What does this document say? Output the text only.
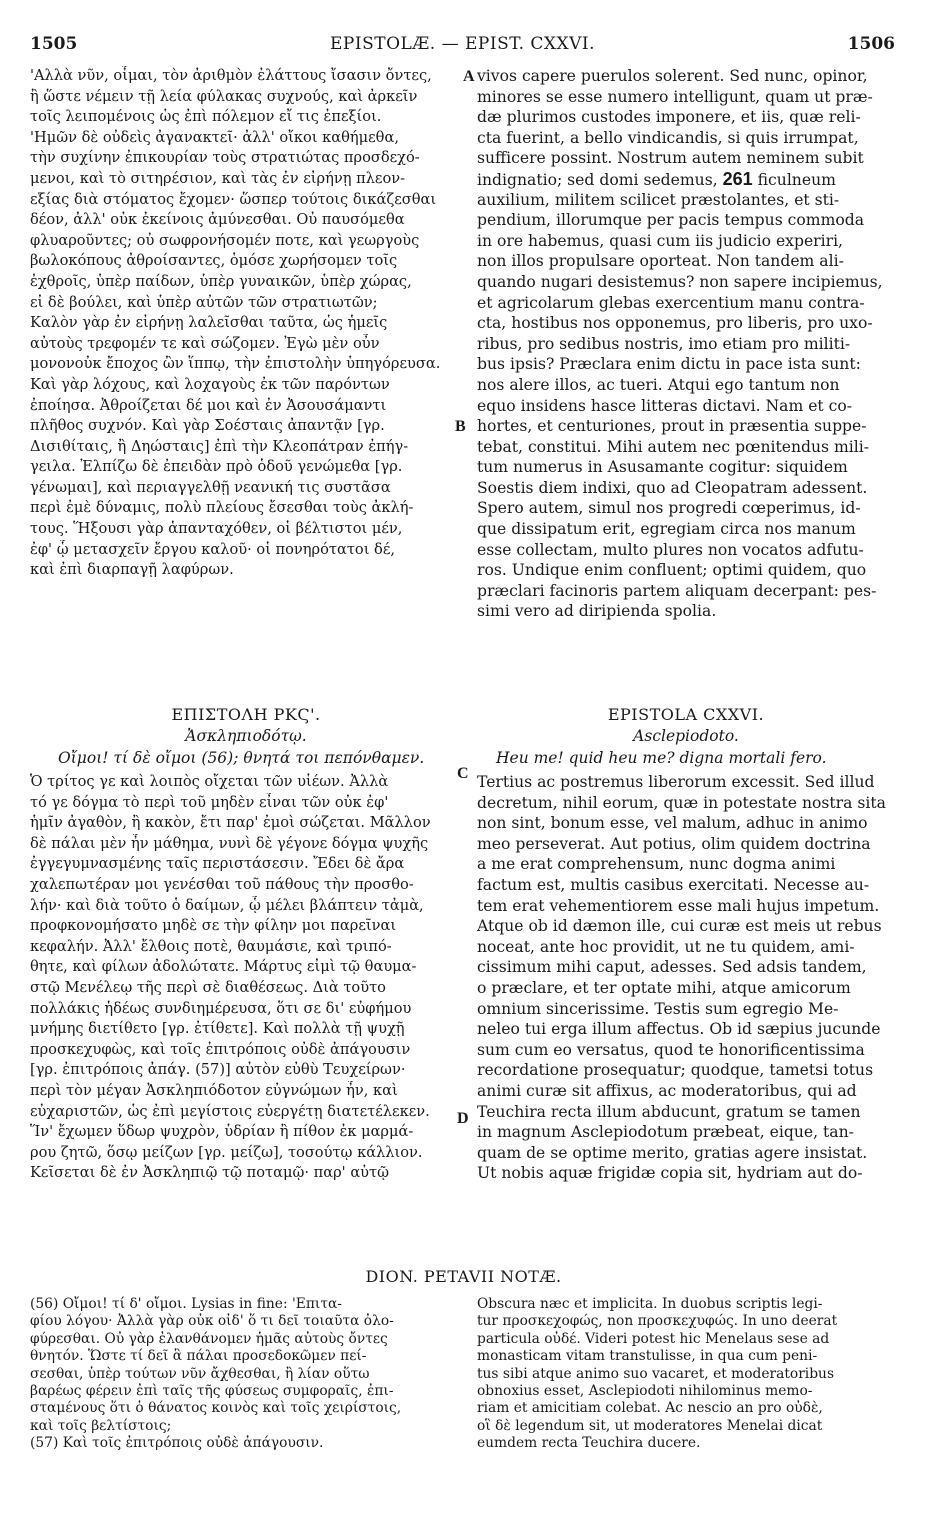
1505	EPISTOLÆ. — EPIST. CXXVI.	1506
'Αλλὰ νῦν, οἶμαι, τὸν ἀριθμὸν ἐλάττους ἴσασιν ὄντες,
ἢ ὥστε νέμειν τῇ λεία φύλακας συχνούς, καὶ ἀρκεῖν
τοῖς λειπομένοις ὡς ἐπὶ πόλεμον εἴ τις ἐπεξίοι.
'Ημῶν δὲ οὐδεὶς ἀγανακτεῖ· ἀλλ' οἴκοι καθήμεθα,
τὴν συχίνην ἐπικουρίαν τοὺς στρατιώτας προσδεχό-
μενοι, καὶ τὸ σιτηρέσιον, καὶ τὰς ἐν εἰρήνῃ πλεον-
εξίας διὰ στόματος ἔχομεν· ὥσπερ τούτοις δικάζεσθαι
δέον, ἀλλ' οὐκ ἐκείνοις ἀμύνεσθαι. Οὐ παυσόμεθα
φλυαροῦντες; οὐ σωφρονήσομέν ποτε, καὶ γεωργοὺς
βωλοκόπους ἀθροίσαντες, ὁμόσε χωρήσομεν τοῖς
ἐχθροῖς, ὑπὲρ παίδων, ὑπὲρ γυναικῶν, ὑπὲρ χώρας,
εἰ δὲ βούλει, καὶ ὑπὲρ αὐτῶν τῶν στρατιωτῶν;
Καλὸν γὰρ ἐν εἰρήνῃ λαλεῖσθαι ταῦτα, ὡς ἡμεῖς
αὐτοὺς τρεφομέν τε καὶ σώζομεν. Ἐγὼ μὲν οὖν
μονονοὐκ ἔποχος ὢν ἵππῳ, τὴν ἐπιστολὴν ὑπηγόρευσα.
Καὶ γὰρ λόχους, καὶ λοχαγοὺς ἐκ τῶν παρόντων
ἐποίησα. Ἀθροίζεται δέ μοι καὶ ἐν Ἀσουσάμαντι
πλῆθος συχνόν. Καὶ γὰρ Σοέσταις ἀπαντᾷν [γρ.
Δισιθίταις, ἢ Δηώσταις] ἐπὶ τὴν Κλεοπάτραν ἐπήγ-
γειλα. Ἐλπίζω δὲ ἐπειδὰν πρὸ ὁδοῦ γενώμεθα [γρ.
γένωμαι], καὶ περιαγγελθῇ νεανική τις συστᾶσα
περὶ ἐμὲ δύναμις, πολὺ πλείους ἔσεσθαι τοὺς ἀκλή-
τους. Ἥξουσι γὰρ ἁπανταχόθεν, οἱ βέλτιστοι μέν,
ἐφ' ᾧ μετασχεῖν ἔργου καλοῦ· οἱ πονηρότατοι δέ,
καὶ ἐπὶ διαρπαγῇ λαφύρων.
vivos capere puerulos solerent. Sed nunc, opinor,
minores se esse numero intelligunt, quam ut præ-
dæ plurimos custodes imponere, et iis, quæ reli-
cta fuerint, a bello vindicandis, si quis irrumpat,
sufficere possint. Nostrum autem neminem subit
indignatio; sed domi sedemus, 261 ficulneum
auxilium, militem scilicet præstolantes, et sti-
pendium, illorumque per pacis tempus commoda
in ore habemus, quasi cum iis judicio experiri,
non illos propulsare oporteat. Non tandem ali-
quando nugari desistemus? non sapere incipiemus,
et agricolarum glebas exercentium manu contra-
cta, hostibus nos opponemus, pro liberis, pro uxo-
ribus, pro sedibus nostris, imo etiam pro militi-
bus ipsis? Præclara enim dictu in pace ista sunt:
nos alere illos, ac tueri. Atqui ego tantum non
equo insidens hasce litteras dictavi. Nam et co-
hortes, et centuriones, prout in præsentia suppe-
tebat, constitui. Mihi autem nec pœnitendus mili-
tum numerus in Asusamante cogitur: siquidem
Soestis diem indixi, quo ad Cleopatram adessent.
Spero autem, simul nos progredi cœperimus, id-
que dissipatum erit, egregiam circa nos manum
esse collectam, multo plures non vocatos adfutu-
ros. Undique enim confluent; optimi quidem, quo
præclari facinoris partem aliquam decerpant: pes-
simi vero ad diripienda spolia.
A
B
C
D
ΕΠΙΣΤΟΛΗ ΡΚϚ'.
Ἀσκληπιοδότῳ.
Οἴμοι! τί δὲ οἴμοι (56); θνητά τοι πεπόνθαμεν.
EPISTOLA CXXVI.
Asclepiodoto.
Heu me! quid heu me? digna mortali fero.
Ὁ τρίτος γε καὶ λοιπὸς οἴχεται τῶν υἱέων. Ἀλλὰ
τό γε δόγμα τὸ περὶ τοῦ μηδὲν εἶναι τῶν οὐκ ἐφ'
ἡμῖν ἀγαθὸν, ἢ κακὸν, ἔτι παρ' ἐμοὶ σώζεται. Μᾶλλον
δὲ πάλαι μὲν ἦν μάθημα, νυνὶ δὲ γέγονε δόγμα ψυχῆς
ἐγγεγυμνασμένης ταῖς περιστάσεσιν. Ἔδει δὲ ἄρα
χαλεπωτέραν μοι γενέσθαι τοῦ πάθους τὴν προσθο-
λήν· καὶ διὰ τοῦτο ὁ δαίμων, ᾧ μέλει βλάπτειν τἀμὰ,
προφκονομήσατο μηδὲ σε τὴν φίλην μοι παρεῖναι
κεφαλήν. Ἀλλ' ἔλθοις ποτὲ, θαυμάσιε, καὶ τριπό-
θητε, καὶ φίλων ἀδολώτατε. Μάρτυς εἰμὶ τῷ θαυμα-
στῷ Μενέλεῳ τῆς περὶ σὲ διαθέσεως. Διὰ τοῦτο
πολλάκις ἡδέως συνδιημέρευσα, ὅτι σε δι' εὐφήμου
μνήμης διετίθετο [γρ. ἐτίθετε]. Καὶ πολλὰ τῇ ψυχῇ
προσκεχυφὼς, καὶ τοῖς ἐπιτρόποις οὐδὲ ἀπάγουσιν
[γρ. ἐπιτρόποις ἀπάγ. (57)] αὐτὸν εὐθὺ Τευχείρων·
περὶ τὸν μέγαν Ἀσκληπιόδοτον εὐγνώμων ἦν, καὶ
εὐχαριστῶν, ὡς ἐπὶ μεγίστοις εὐεργέτῃ διατετέλεκεν.
Ἵν' ἔχωμεν ὕδωρ ψυχρὸν, ὑδρίαν ἢ πίθον ἐκ μαρμά-
ρου ζητῶ, ὅσῳ μείζων [γρ. μείζω], τοσούτῳ κάλλιον.
Κεῖσεται δὲ ἐν Ἀσκληπιῷ τῷ ποταμῷ· παρ' αὐτῷ
Tertius ac postremus liberorum excessit. Sed illud
decretum, nihil eorum, quæ in potestate nostra sita
non sint, bonum esse, vel malum, adhuc in animo
meo perseverat. Aut potius, olim quidem doctrina
a me erat comprehensum, nunc dogma animi
factum est, multis casibus exercitati. Necesse au-
tem erat vehementiorem esse mali hujus impetum.
Atque ob id dæmon ille, cui curæ est meis ut rebus
noceat, ante hoc providit, ut ne tu quidem, ami-
cissimum mihi caput, adesses. Sed adsis tandem,
o præclare, et ter optate mihi, atque amicorum
omnium sincerissime. Testis sum egregio Me-
neleo tui erga illum affectus. Ob id sæpius jucunde
sum cum eo versatus, quod te honorificentissima
recordatione prosequatur; quodque, tametsi totus
animi curæ sit affixus, ac moderatoribus, qui ad
Teuchira recta illum abducunt, gratum se tamen
in magnum Asclepiodotum præbeat, eique, tan-
quam de se optime merito, gratias agere insistat.
Ut nobis aquæ frigidæ copia sit, hydriam aut do-
DION. PETAVII NOTÆ.
(56) Οἴμοι! τί δ' οἴμοι. Lysias in fine: 'Επιτα-
φίου λόγου· Ἀλλὰ γὰρ οὐκ οἶδ' ὅ τι δεῖ τοιαῦτα ὀλο-
φύρεσθαι. Οὐ γὰρ ἐλανθάνομεν ἡμᾶς αὐτοὺς ὄντες
θνητόν. Ὥστε τί δεῖ ἃ πάλαι προσεδοκῶμεν πεί-
σεσθαι, ὑπὲρ τούτων νῦν ἄχθεσθαι, ἢ λίαν οὕτω
βαρέως φέρειν ἐπὶ ταῖς τῆς φύσεως συμφοραῖς, ἐπι-
σταμένους ὅτι ὁ θάνατος κοινὸς καὶ τοῖς χειρίστοις,
καὶ τοῖς βελτίστοις;
(57) Καὶ τοῖς ἐπιτρόποις οὐδὲ ἀπάγουσιν.
Obscura næc et implicita. In duobus scriptis legi-
tur προσκεχοφώς, non προσκεχυφώς. In uno deerat
particula οὐδέ. Videri potest hic Menelaus sese ad
monasticam vitam transtulisse, in qua cum peni-
tus sibi atque animo suo vacaret, et moderatoribus
obnoxius esset, Asclepiodoti nihilominus memo-
riam et amicitiam colebat. Ac nescio an pro οὐδὲ,
οἳ δὲ legendum sit, ut moderatores Menelai dicat
eumdem recta Teuchira ducere.
